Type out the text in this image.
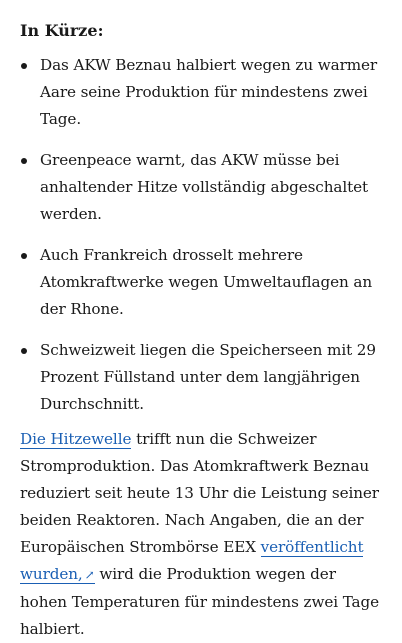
In Kürze:
Das AKW Beznau halbiert wegen zu warmer Aare seine Produktion für mindestens zwei Tage.
Greenpeace warnt, das AKW müsse bei anhaltender Hitze vollständig abgeschaltet werden.
Auch Frankreich drosselt mehrere Atomkraftwerke wegen Umweltauflagen an der Rhone.
Schweizweit liegen die Speicherseen mit 29 Prozent Füllstand unter dem langjährigen Durchschnitt.

Die Hitzewelle trifft nun die Schweizer Stromproduktion. Das Atomkraftwerk Beznau reduziert seit heute 13 Uhr die Leistung seiner beiden Reaktoren. Nach Angaben, die an der Europäischen Strombörse EEX veröffentlicht wurden, ↗ wird die Produktion wegen der hohen Temperaturen für mindestens zwei Tage halbiert.
